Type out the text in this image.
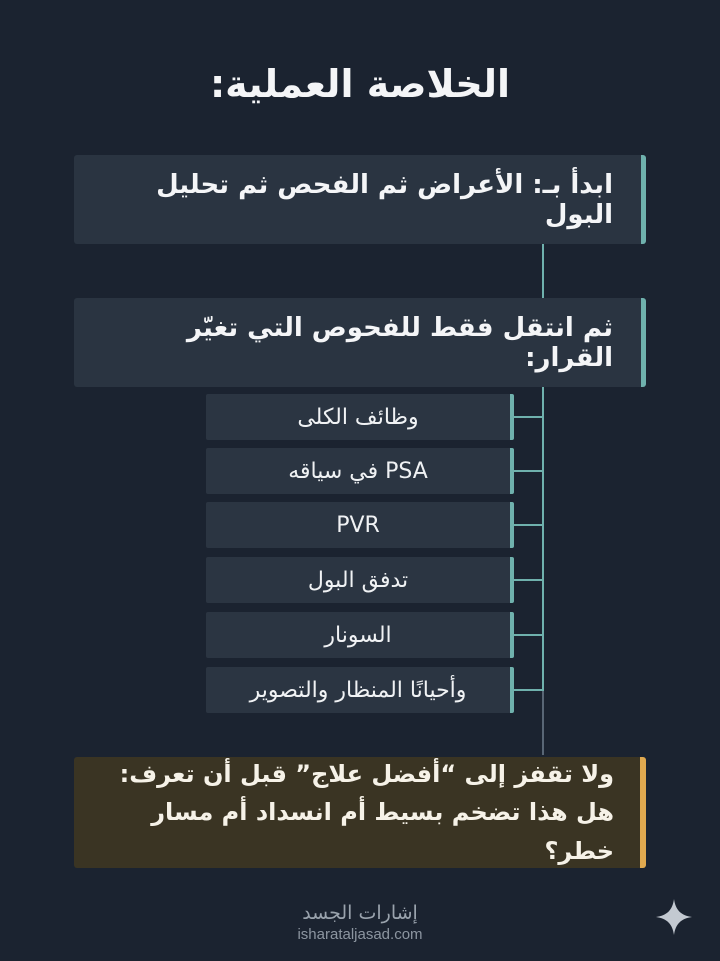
الخلاصة العملية:
ابدأ بـ: الأعراض ثم الفحص ثم تحليل البول
ثم انتقل فقط للفحوص التي تغيّر القرار:
وظائف الكلى
PSA في سياقه
PVR
تدفق البول
السونار
وأحيانًا المنظار والتصوير
ولا تقفز إلى “أفضل علاج” قبل أن تعرف:
هل هذا تضخم بسيط أم انسداد أم مسار خطر؟
إشارات الجسد
isharataljasad.com
